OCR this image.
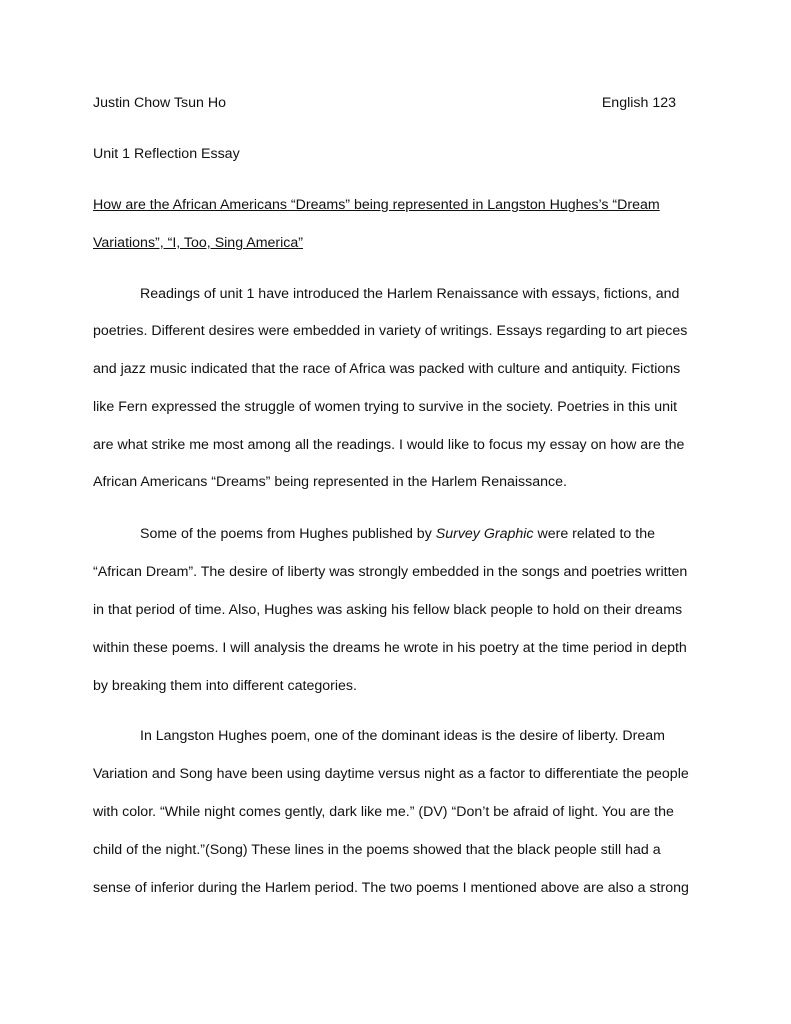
Justin Chow Tsun Ho	English 123
Unit 1 Reflection Essay
How are the African Americans “Dreams” being represented in Langston Hughes’s “Dream
Variations”, “I, Too, Sing America”
Readings of unit 1 have introduced the Harlem Renaissance with essays, fictions, and
poetries. Different desires were embedded in variety of writings. Essays regarding to art pieces
and jazz music indicated that the race of Africa was packed with culture and antiquity. Fictions
like Fern expressed the struggle of women trying to survive in the society. Poetries in this unit
are what strike me most among all the readings. I would like to focus my essay on how are the
African Americans “Dreams” being represented in the Harlem Renaissance.
Some of the poems from Hughes published by Survey Graphic were related to the
“African Dream”. The desire of liberty was strongly embedded in the songs and poetries written
in that period of time. Also, Hughes was asking his fellow black people to hold on their dreams
within these poems. I will analysis the dreams he wrote in his poetry at the time period in depth
by breaking them into different categories.
In Langston Hughes poem, one of the dominant ideas is the desire of liberty. Dream
Variation and Song have been using daytime versus night as a factor to differentiate the people
with color. “While night comes gently, dark like me.” (DV) “Don’t be afraid of light. You are the
child of the night.”(Song) These lines in the poems showed that the black people still had a
sense of inferior during the Harlem period. The two poems I mentioned above are also a strong
